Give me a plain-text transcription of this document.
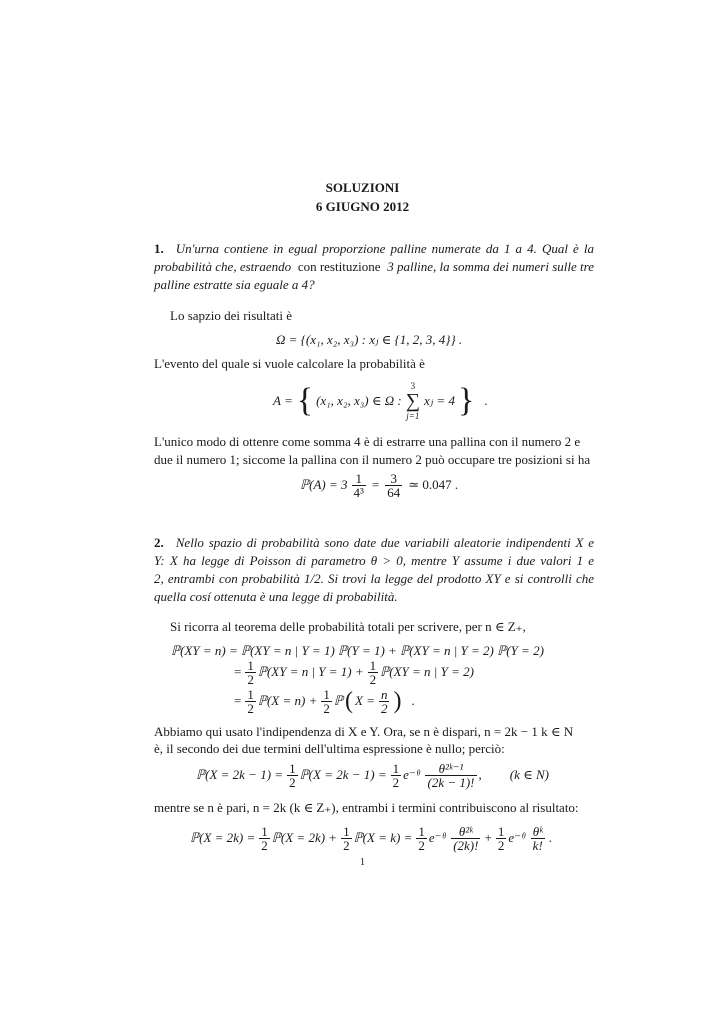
SOLUZIONI
6 GIUGNO 2012
1. Un'urna contiene in egual proporzione palline numerate da 1 a 4. Qual è la
probabilità che, estraendo con restituzione 3 palline, la somma dei numeri sulle tre
palline estratte sia eguale a 4?
Lo sapzio dei risultati è
Ω = {(x₁, x₂, x₃) : xⱼ ∈ {1, 2, 3, 4}} .
L'evento del quale si vuole calcolare la probabilità è
A = { (x₁, x₂, x₃) ∈ Ω :
3
∑
j=1
xⱼ = 4 } .
L'unico modo di ottenre come somma 4 è di estrarre una pallina con il numero 2 e
due il numero 1; siccome la pallina con il numero 2 può occupare tre posizioni si ha
ℙ(A) = $3 \frac{1}{\text{4³}} = \frac{3}{64}$ ≃ 0.047 .
2. Nello spazio di probabilità sono date due variabili aleatorie indipendenti X e
Y: X ha legge di Poisson di parametro θ > 0, mentre Y assume i due valori 1 e
2, entrambi con probabilità 1/2. Si trovi la legge del prodotto XY e si controlli che
quella cosí ottenuta è una legge di probabilità.
Si ricorra al teorema delle probabilità totali per scrivere, per n ∈ Z₊,
ℙ(XY = n) = ℙ(XY = n | Y = 1) ℙ(Y = 1) + ℙ(XY = n | Y = 2) ℙ(Y = 2)
= $\frac{1}{2}$ ℙ(XY = n | $Y = 1) + \frac{1}{2}$ ℙ(XY = n | Y = 2)
= $\frac{1}{2}$ ℙ(X = $n) + \frac{1}{2}$ ℙ ( $X = \frac{n}{2}$ ) .
Abbiamo qui usato l'indipendenza di X e Y. Ora, se n è dispari, n = 2k − 1 k ∈ N
è, il secondo dei due termini dell'ultima espressione è nullo; perciò:
ℙ(X = $2k - 1) = \frac{1}{2}$ ℙ(X = $2k - 1) = \frac{1}{2}$ e⁻ᶿ $\frac{\text{θ²ᵏ⁻¹}}{(2k - 1)!}$ , (k ∈ N)
mentre se n è pari, n = 2k (k ∈ Z₊), entrambi i termini contribuiscono al risultato:
ℙ(X = $2k) = \frac{1}{2}$ ℙ(X = $2k) + \frac{1}{2}$ ℙ(X = $k) = \frac{1}{2}$ e⁻ᶿ $\frac{\text{θ²ᵏ}}{(2k)!} + \frac{1}{2}$ e⁻ᶿ $\frac{\text{θᵏ}}{k!}$ .
1
